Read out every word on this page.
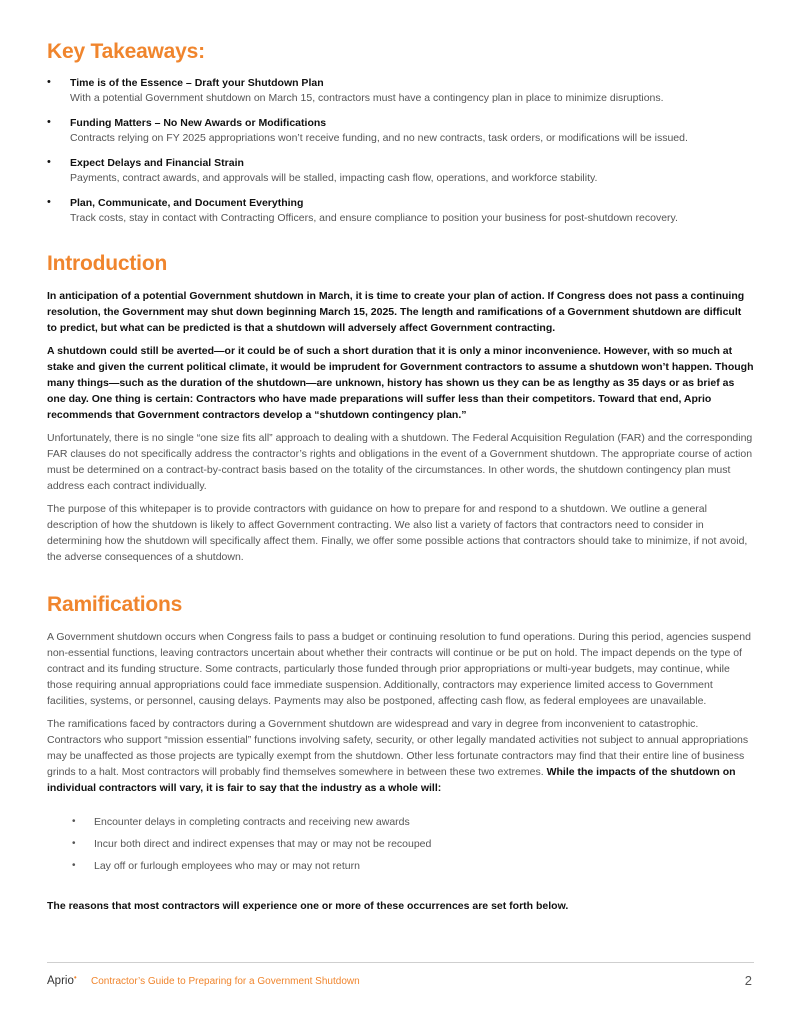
Key Takeaways:
• Time is of the Essence – Draft your Shutdown Plan
With a potential Government shutdown on March 15, contractors must have a contingency plan in place to minimize disruptions.
• Funding Matters – No New Awards or Modifications
Contracts relying on FY 2025 appropriations won’t receive funding, and no new contracts, task orders, or modifications will be issued.
• Expect Delays and Financial Strain
Payments, contract awards, and approvals will be stalled, impacting cash flow, operations, and workforce stability.
• Plan, Communicate, and Document Everything
Track costs, stay in contact with Contracting Officers, and ensure compliance to position your business for post-shutdown recovery.
Introduction

In anticipation of a potential Government shutdown in March, it is time to create your plan of action. If Congress does not pass a continuing resolution, the Government may shut down beginning March 15, 2025. The length and ramifications of a Government shutdown are difficult to predict, but what can be predicted is that a shutdown will adversely affect Government contracting.

A shutdown could still be averted—or it could be of such a short duration that it is only a minor inconvenience. However, with so much at stake and given the current political climate, it would be imprudent for Government contractors to assume a shutdown won’t happen. Though many things—such as the duration of the shutdown—are unknown, history has shown us they can be as lengthy as 35 days or as brief as one day. One thing is certain: Contractors who have made preparations will suffer less than their competitors. Toward that end, Aprio recommends that Government contractors develop a “shutdown contingency plan.”

Unfortunately, there is no single “one size fits all” approach to dealing with a shutdown. The Federal Acquisition Regulation (FAR) and the corresponding FAR clauses do not specifically address the contractor’s rights and obligations in the event of a Government shutdown. The appropriate course of action must be determined on a contract-by-contract basis based on the totality of the circumstances. In other words, the shutdown contingency plan must address each contract individually.

The purpose of this whitepaper is to provide contractors with guidance on how to prepare for and respond to a shutdown. We outline a general description of how the shutdown is likely to affect Government contracting. We also list a variety of factors that contractors need to consider in determining how the shutdown will specifically affect them. Finally, we offer some possible actions that contractors should take to minimize, if not avoid, the adverse consequences of a shutdown.

Ramifications

A Government shutdown occurs when Congress fails to pass a budget or continuing resolution to fund operations. During this period, agencies suspend non-essential functions, leaving contractors uncertain about whether their contracts will continue or be put on hold. The impact depends on the type of contract and its funding structure. Some contracts, particularly those funded through prior appropriations or multi-year budgets, may continue, while those requiring annual appropriations could face immediate suspension. Additionally, contractors may experience limited access to Government facilities, systems, or personnel, causing delays. Payments may also be postponed, affecting cash flow, as federal employees are unavailable.

The ramifications faced by contractors during a Government shutdown are widespread and vary in degree from inconvenient to catastrophic. Contractors who support “mission essential” functions involving safety, security, or other legally mandated activities not subject to annual appropriations may be unaffected as those projects are typically exempt from the shutdown. Other less fortunate contractors may find that their entire line of business grinds to a halt. Most contractors will probably find themselves somewhere in between these two extremes. While the impacts of the shutdown on individual contractors will vary, it is fair to say that the industry as a whole will:

• Encounter delays in completing contracts and receiving new awards
• Incur both direct and indirect expenses that may or may not be recouped
• Lay off or furlough employees who may or may not return
The reasons that most contractors will experience one or more of these occurrences are set forth below.
Aprio• Contractor’s Guide to Preparing for a Government Shutdown	2
